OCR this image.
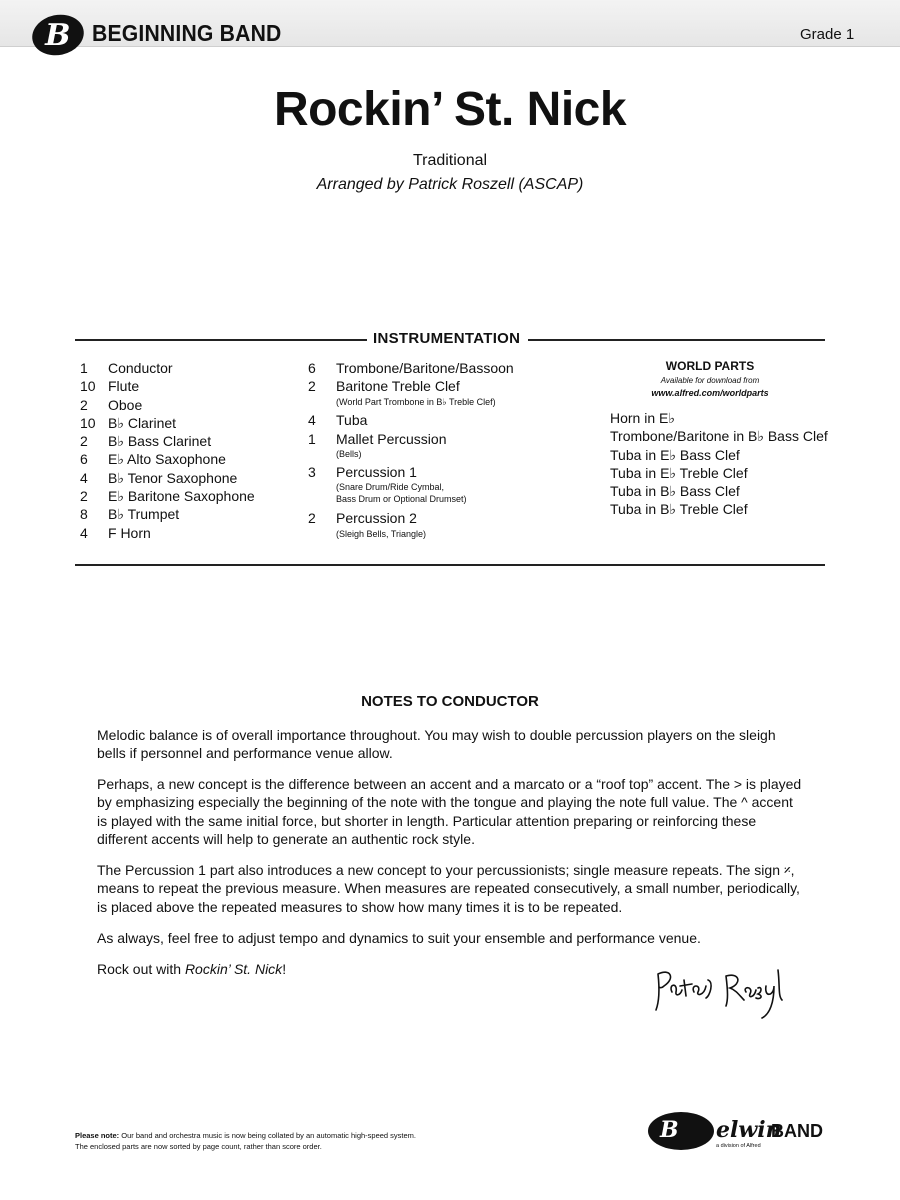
B BEGINNING BAND	Grade 1
Rockin’ St. Nick
Traditional
Arranged by Patrick Roszell (ASCAP)
INSTRUMENTATION
1	Conductor
10 Flute
2	Oboe
10 B♭ Clarinet
2	B♭ Bass Clarinet
6	E♭ Alto Saxophone
4	B♭ Tenor Saxophone
2	E♭ Baritone Saxophone
8	B♭ Trumpet
4	F Horn
6	Trombone/Baritone/Bassoon
2	Baritone Treble Clef
(World Part Trombone in B♭ Treble Clef)
4	Tuba
1	Mallet Percussion
(Bells)
3	Percussion 1
(Snare Drum/Ride Cymbal,
Bass Drum or Optional Drumset)
2	Percussion 2
(Sleigh Bells, Triangle)
WORLD PARTS
Available for download from
www.alfred.com/worldparts
Horn in E♭
Trombone/Baritone in B♭ Bass Clef
Tuba in E♭ Bass Clef
Tuba in E♭ Treble Clef
Tuba in B♭ Bass Clef
Tuba in B♭ Treble Clef
NOTES TO CONDUCTOR
Melodic balance is of overall importance throughout. You may wish to double percussion players on the sleigh bells if personnel and performance venue allow.
Perhaps, a new concept is the difference between an accent and a marcato or a “roof top” accent. The > is played by emphasizing especially the beginning of the note with the tongue and playing the note full value. The ^ accent is played with the same initial force, but shorter in length. Particular attention preparing or reinforcing these different accents will help to generate an authentic rock style.
The Percussion 1 part also introduces a new concept to your percussionists; single measure repeats. The sign 𝄎, means to repeat the previous measure. When measures are repeated consecutively, a small number, periodically, is placed above the repeated measures to show how many times it is to be repeated.
As always, feel free to adjust tempo and dynamics to suit your ensemble and performance venue.
Rock out with Rockin’ St. Nick!
Please note: Our band and orchestra music is now being collated by an automatic high-speed system.
The enclosed parts are now sorted by page count, rather than score order.
B elwin
BAND
a division of Alfred
